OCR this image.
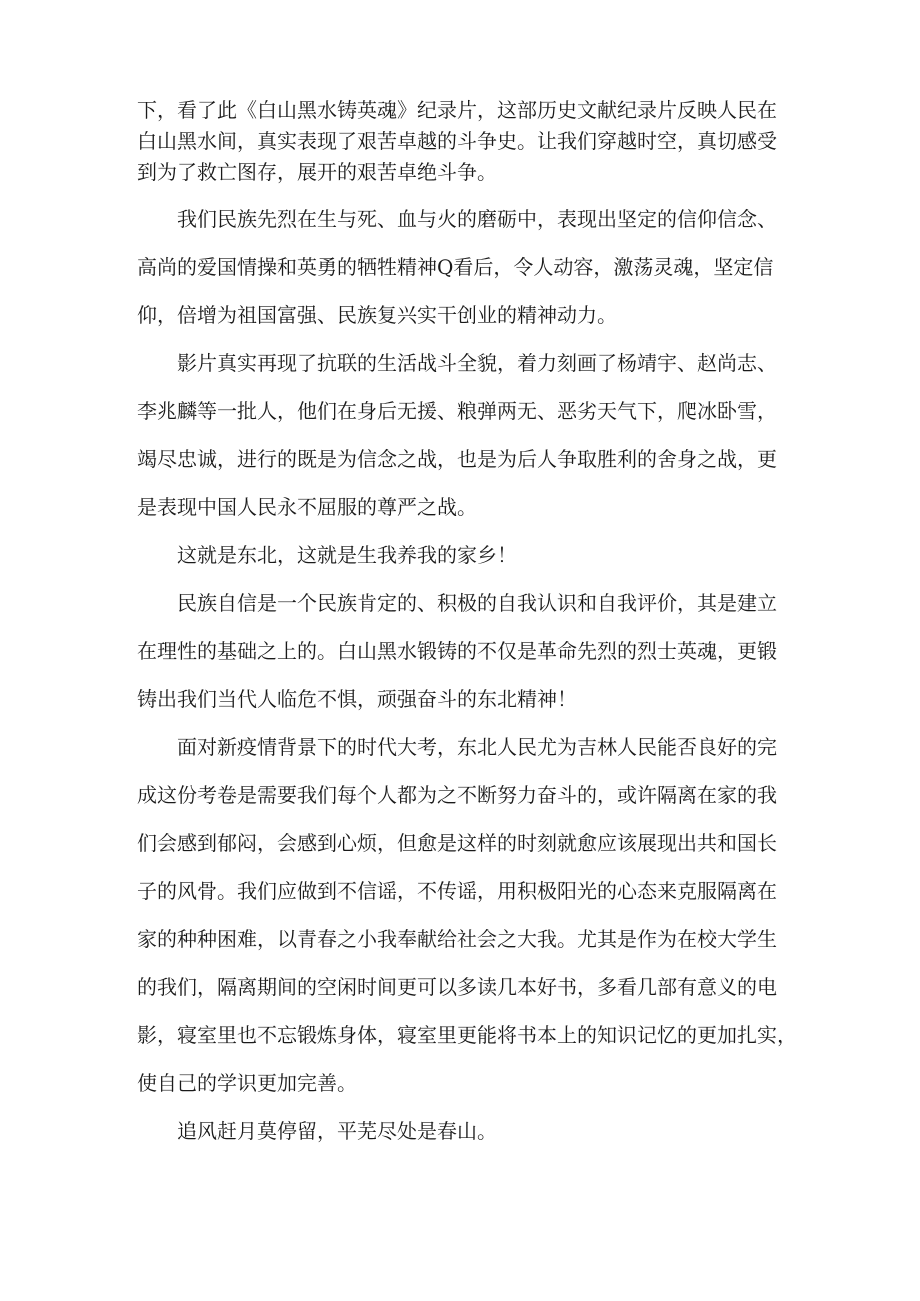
下，看了此《白山黑水铸英魂》纪录片，这部历史文献纪录片反映人民在
白山黑水间，真实表现了艰苦卓越的斗争史。让我们穿越时空，真切感受
到为了救亡图存，展开的艰苦卓绝斗争。
我们民族先烈在生与死、血与火的磨砺中，表现出坚定的信仰信念、
高尚的爱国情操和英勇的牺牲精神Q看后，令人动容，激荡灵魂，坚定信
仰，倍增为祖国富强、民族复兴实干创业的精神动力。
影片真实再现了抗联的生活战斗全貌，着力刻画了杨靖宇、赵尚志、
李兆麟等一批人，他们在身后无援、粮弹两无、恶劣天气下，爬冰卧雪，
竭尽忠诚，进行的既是为信念之战，也是为后人争取胜利的舍身之战，更
是表现中国人民永不屈服的尊严之战。
这就是东北，这就是生我养我的家乡！
民族自信是一个民族肯定的、积极的自我认识和自我评价，其是建立
在理性的基础之上的。白山黑水锻铸的不仅是革命先烈的烈士英魂，更锻
铸出我们当代人临危不惧，顽强奋斗的东北精神！
面对新疫情背景下的时代大考，东北人民尤为吉林人民能否良好的完
成这份考卷是需要我们每个人都为之不断努力奋斗的，或许隔离在家的我
们会感到郁闷，会感到心烦，但愈是这样的时刻就愈应该展现出共和国长
子的风骨。我们应做到不信谣，不传谣，用积极阳光的心态来克服隔离在
家的种种困难，以青春之小我奉献给社会之大我。尤其是作为在校大学生
的我们，隔离期间的空闲时间更可以多读几本好书，多看几部有意义的电
影，寝室里也不忘锻炼身体，寝室里更能将书本上的知识记忆的更加扎实，
使自己的学识更加完善。
追风赶月莫停留，平芜尽处是春山。
